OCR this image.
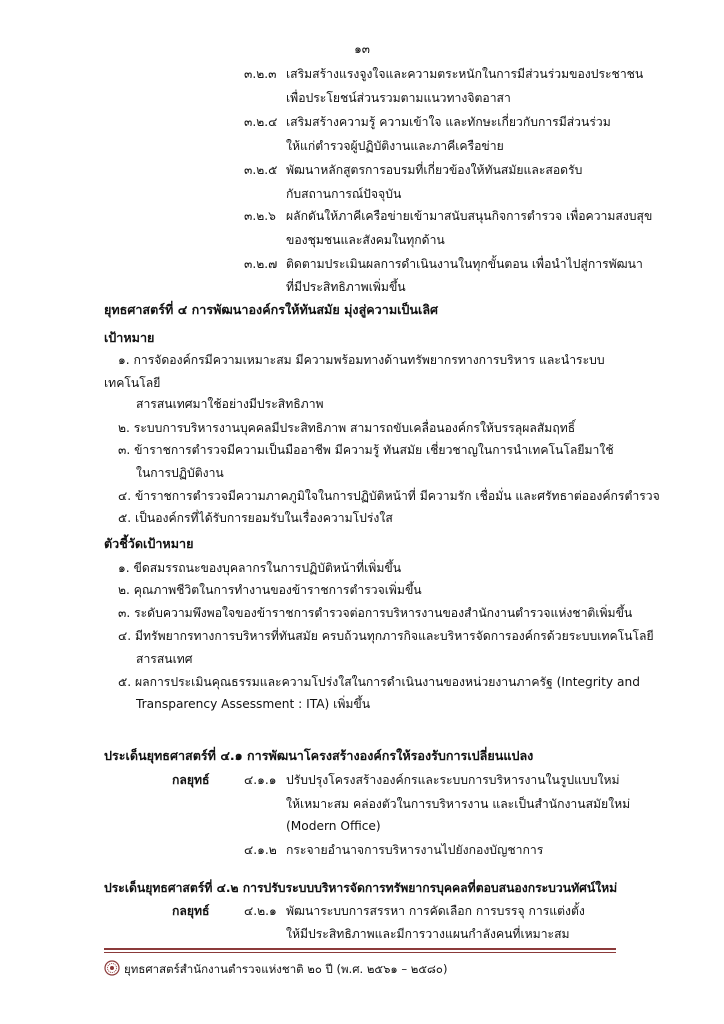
๑๓
๓.๒.๓ เสริมสร้างแรงจูงใจและความตระหนักในการมีส่วนร่วมของประชาชน
เพื่อประโยชน์ส่วนรวมตามแนวทางจิตอาสา
๓.๒.๔ เสริมสร้างความรู้ ความเข้าใจ และทักษะเกี่ยวกับการมีส่วนร่วม
ให้แก่ตำรวจผู้ปฏิบัติงานและภาคีเครือข่าย
๓.๒.๕ พัฒนาหลักสูตรการอบรมที่เกี่ยวข้องให้ทันสมัยและสอดรับ
กับสถานการณ์ปัจจุบัน
๓.๒.๖ ผลักดันให้ภาคีเครือข่ายเข้ามาสนับสนุนกิจการตำรวจ เพื่อความสงบสุข
ของชุมชนและสังคมในทุกด้าน
๓.๒.๗ ติดตามประเมินผลการดำเนินงานในทุกขั้นตอน เพื่อนำไปสู่การพัฒนา
ที่มีประสิทธิภาพเพิ่มขึ้น
ยุทธศาสตร์ที่ ๔ การพัฒนาองค์กรให้ทันสมัย มุ่งสู่ความเป็นเลิศ
เป้าหมาย
๑. การจัดองค์กรมีความเหมาะสม มีความพร้อมทางด้านทรัพยากรทางการบริหาร และนำระบบ
เทคโนโลยี
สารสนเทศมาใช้อย่างมีประสิทธิภาพ
๒. ระบบการบริหารงานบุคคลมีประสิทธิภาพ สามารถขับเคลื่อนองค์กรให้บรรลุผลสัมฤทธิ์
๓. ข้าราชการตำรวจมีความเป็นมืออาชีพ มีความรู้ ทันสมัย เชี่ยวชาญในการนำเทคโนโลยีมาใช้
ในการปฏิบัติงาน
๔. ข้าราชการตำรวจมีความภาคภูมิใจในการปฏิบัติหน้าที่ มีความรัก เชื่อมั่น และศรัทธาต่อองค์กรตำรวจ
๕. เป็นองค์กรที่ได้รับการยอมรับในเรื่องความโปร่งใส
ตัวชี้วัดเป้าหมาย
๑. ขีดสมรรถนะของบุคลากรในการปฏิบัติหน้าที่เพิ่มขึ้น
๒. คุณภาพชีวิตในการทำงานของข้าราชการตำรวจเพิ่มขึ้น
๓. ระดับความพึงพอใจของข้าราชการตำรวจต่อการบริหารงานของสำนักงานตำรวจแห่งชาติเพิ่มขึ้น
๔. มีทรัพยากรทางการบริหารที่ทันสมัย ครบถ้วนทุกภารกิจและบริหารจัดการองค์กรด้วยระบบเทคโนโลยี
สารสนเทศ
๕. ผลการประเมินคุณธรรมและความโปร่งใสในการดำเนินงานของหน่วยงานภาครัฐ (Integrity and
Transparency Assessment : ITA) เพิ่มขึ้น
ประเด็นยุทธศาสตร์ที่ ๔.๑ การพัฒนาโครงสร้างองค์กรให้รองรับการเปลี่ยนแปลง
กลยุทธ์	๔.๑.๑ ปรับปรุงโครงสร้างองค์กรและระบบการบริหารงานในรูปแบบใหม่
ให้เหมาะสม คล่องตัวในการบริหารงาน และเป็นสำนักงานสมัยใหม่
(Modern Office)
๔.๑.๒ กระจายอำนาจการบริหารงานไปยังกองบัญชาการ
ประเด็นยุทธศาสตร์ที่ ๔.๒ การปรับระบบบริหารจัดการทรัพยากรบุคคลที่ตอบสนองกระบวนทัศน์ใหม่
กลยุทธ์	๔.๒.๑ พัฒนาระบบการสรรหา การคัดเลือก การบรรจุ การแต่งตั้ง
ให้มีประสิทธิภาพและมีการวางแผนกำลังคนที่เหมาะสม
ยุทธศาสตร์สำนักงานตำรวจแห่งชาติ ๒๐ ปี (พ.ศ. ๒๕๖๑ – ๒๕๘๐)
